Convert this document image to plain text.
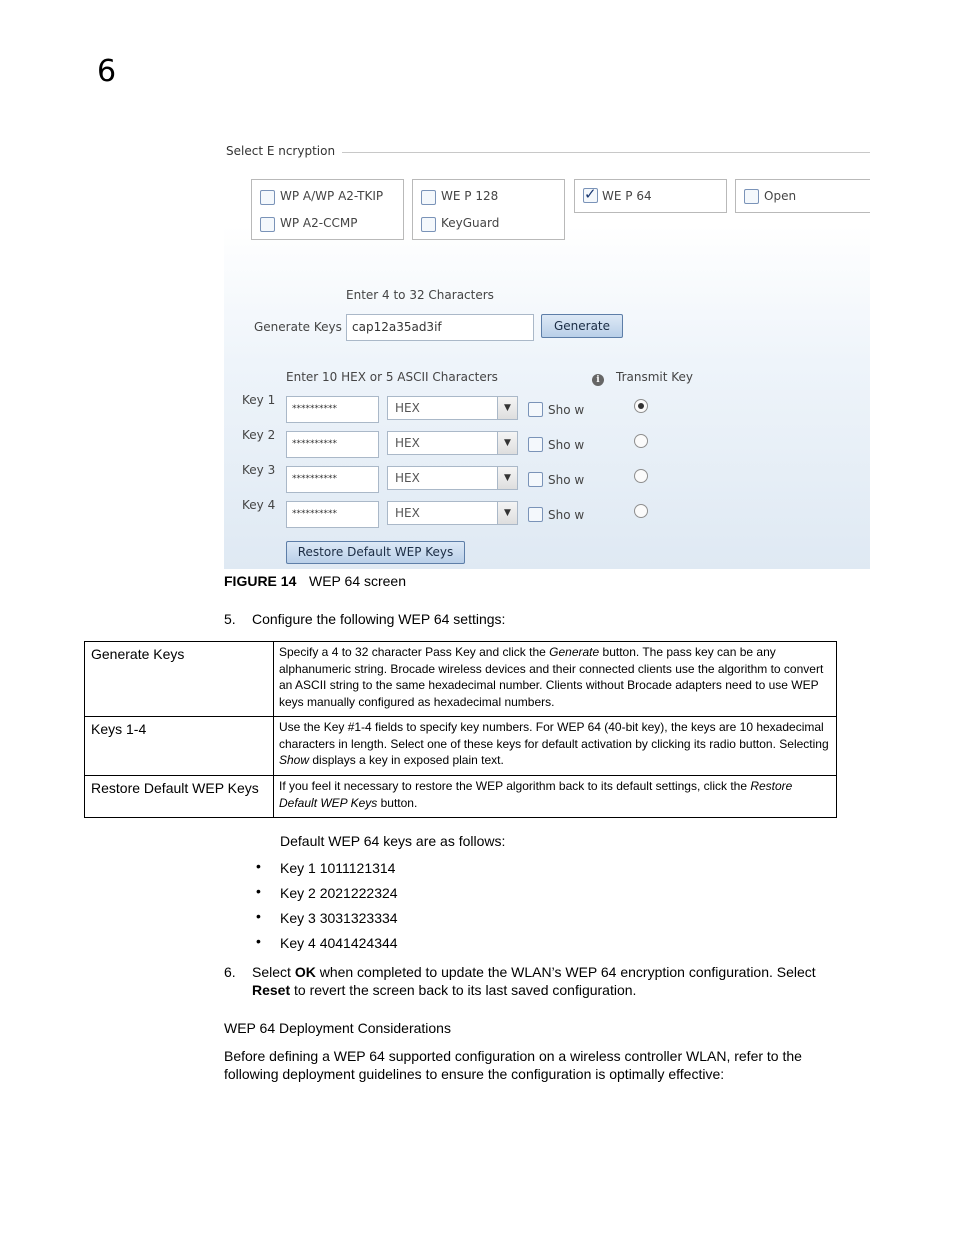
6
Select E ncryption
WP A/WP A2-TKIP
WP A2-CCMP
WE P 128
KeyGuard
✓
WE P 64	Open
Enter 4 to 32 Characters
Generate Keys cap12a35ad3if	Generate
Enter 10 HEX or 5 ASCII Characters	i	Transmit Key
Key 1
**********	HEX	▼	Sho w
Key 2
**********	HEX	▼	Sho w
Key 3
**********	HEX	▼	Sho w
Key 4
**********	HEX	▼	Sho w
Restore Default WEP Keys
FIGURE 14 WEP 64 screen
5. Configure the following WEP 64 settings:
Generate Keys	Specify a 4 to 32 character Pass Key and click the Generate button. The pass key can be any alphanumeric string. Brocade wireless devices and their connected clients use the algorithm to convert an ASCII string to the same hexadecimal number. Clients without Brocade adapters need to use WEP keys manually configured as hexadecimal numbers.
Keys 1-4	Use the Key #1-4 fields to specify key numbers. For WEP 64 (40-bit key), the keys are 10 hexadecimal characters in length. Select one of these keys for default activation by clicking its radio button. Selecting Show displays a key in exposed plain text.
Restore Default WEP Keys	If you feel it necessary to restore the WEP algorithm back to its default settings, click the Restore Default WEP Keys button.
Default WEP 64 keys are as follows:
• Key 1 1011121314
• Key 2 2021222324
• Key 3 3031323334
• Key 4 4041424344
6. Select OK when completed to update the WLAN’s WEP 64 encryption configuration. Select Reset to revert the screen back to its last saved configuration.
WEP 64 Deployment Considerations
Before defining a WEP 64 supported configuration on a wireless controller WLAN, refer to the following deployment guidelines to ensure the configuration is optimally effective:
